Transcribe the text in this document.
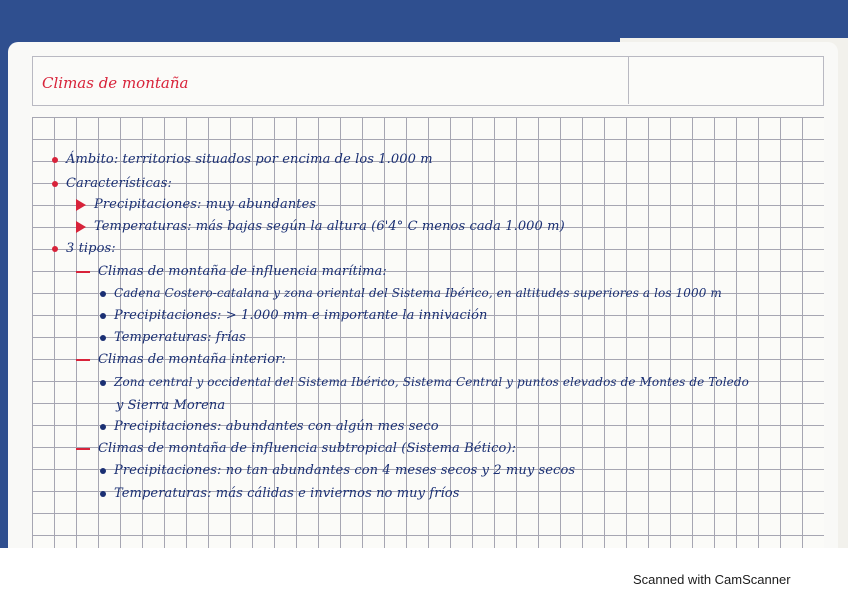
Climas de montaña
Ámbito: territorios situados por encima de los 1.000 m
Características:
Precipitaciones: muy abundantes
Temperaturas: más bajas según la altura (6'4° C menos cada 1.000 m)
3 tipos:
Climas de montaña de influencia marítima:
Cadena Costero-catalana y zona oriental del Sistema Ibérico, en altitudes superiores a los 1000 m
Precipitaciones: > 1.000 mm e importante la innivación
Temperaturas: frías
Climas de montaña interior:
Zona central y occidental del Sistema Ibérico, Sistema Central y puntos elevados de Montes de Toledo
y Sierra Morena
Precipitaciones: abundantes con algún mes seco
Climas de montaña de influencia subtropical (Sistema Bético):
Precipitaciones: no tan abundantes con 4 meses secos y 2 muy secos
Temperaturas: más cálidas e inviernos no muy fríos
Scanned with CamScanner
